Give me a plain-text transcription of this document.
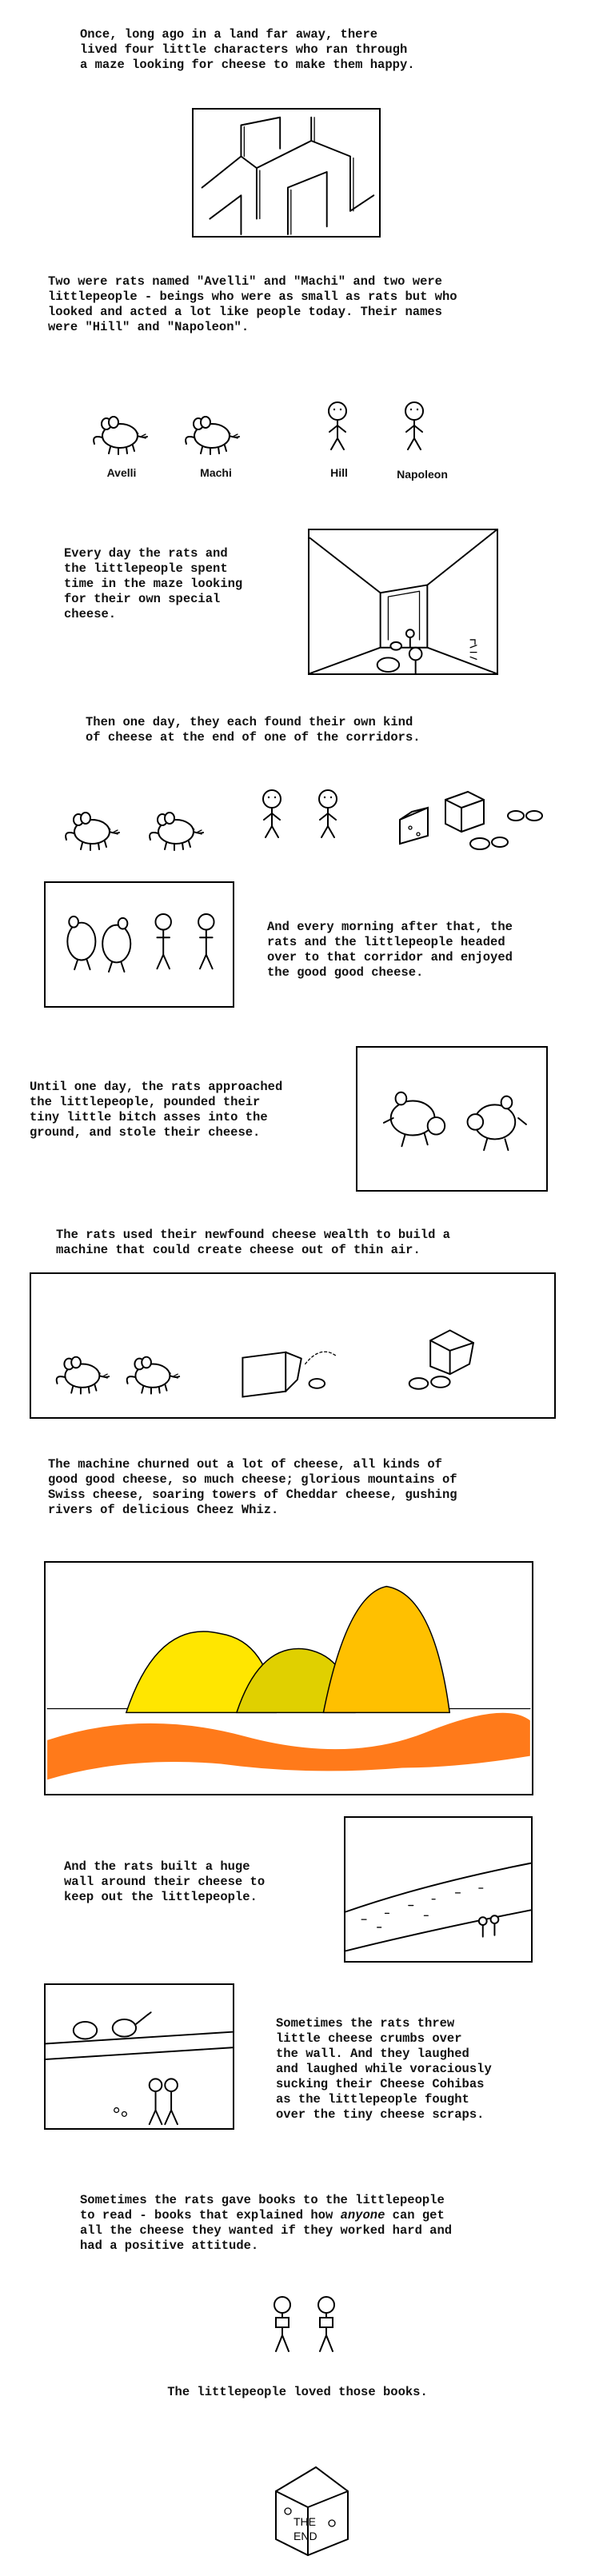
Once, long ago in a land far away, there
lived four little characters who ran through
a maze looking for cheese to make them happy.
Two were rats named "Avelli" and "Machi" and two were
littlepeople - beings who were as small as rats but who
looked and acted a lot like people today. Their names
were "Hill" and "Napoleon".
Avelli	Machi	Hill	Napoleon
Every day the rats and
the littlepeople spent
time in the maze looking
for their own special
cheese.
Then one day, they each found their own kind
of cheese at the end of one of the corridors.
And every morning after that, the
rats and the littlepeople headed
over to that corridor and enjoyed
the good good cheese.
Until one day, the rats approached
the littlepeople, pounded their
tiny little bitch asses into the
ground, and stole their cheese.
The rats used their newfound cheese wealth to build a
machine that could create cheese out of thin air.
The machine churned out a lot of cheese, all kinds of
good good cheese, so much cheese; glorious mountains of
Swiss cheese, soaring towers of Cheddar cheese, gushing
rivers of delicious Cheez Whiz.
And the rats built a huge
wall around their cheese to
keep out the littlepeople.
Sometimes the rats threw
little cheese crumbs over
the wall. And they laughed
and laughed while voraciously
sucking their Cheese Cohibas
as the littlepeople fought
over the tiny cheese scraps.
Sometimes the rats gave books to the littlepeople
to read - books that explained how anyone can get
all the cheese they wanted if they worked hard and
had a positive attitude.
The littlepeople loved those books.
THE
END
